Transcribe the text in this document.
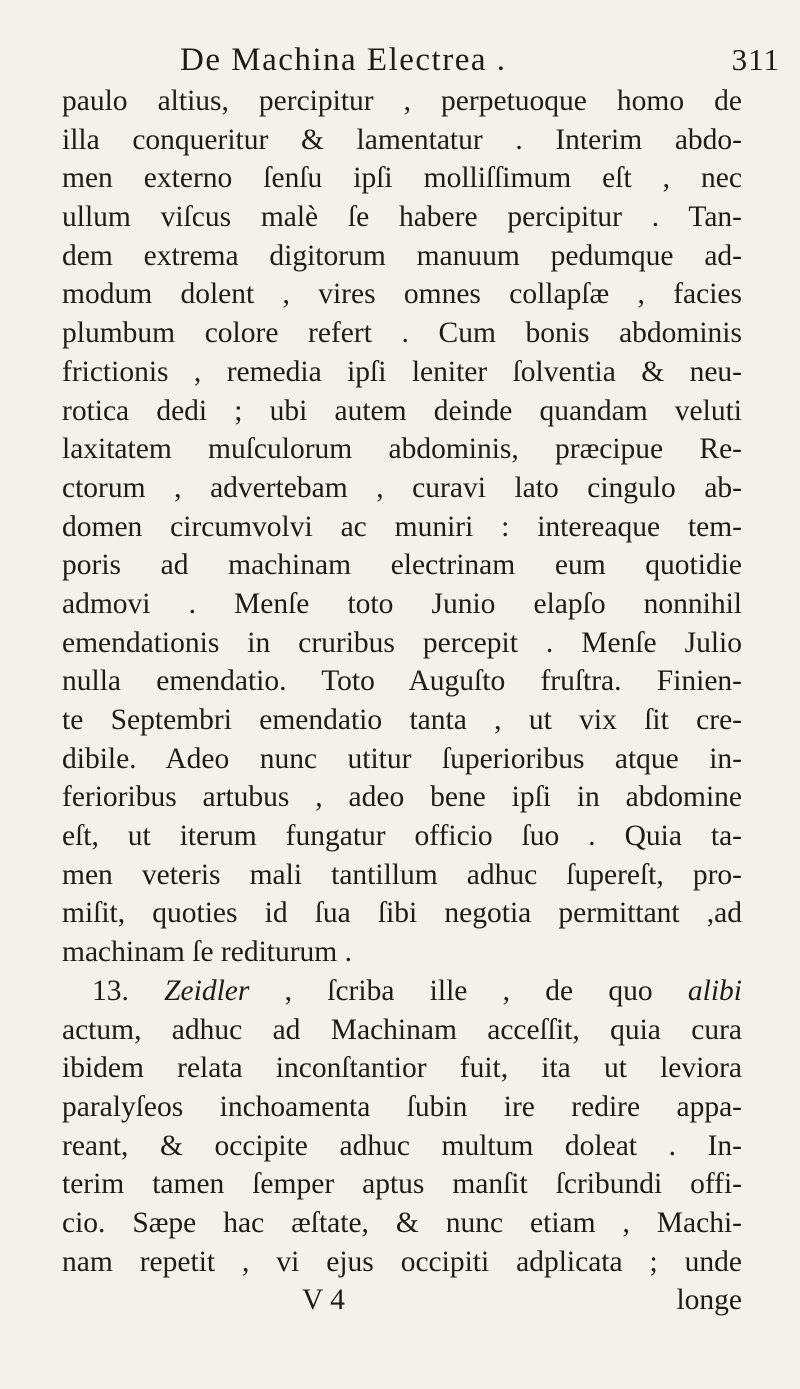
De Machina Electrea .	311
paulo altius, percipitur , perpetuoque homo de
illa conqueritur & lamentatur . Interim abdo-
men externo ſenſu ipſi molliſſimum eſt , nec
ullum viſcus malè ſe habere percipitur . Tan-
dem extrema digitorum manuum pedumque ad-
modum dolent , vires omnes collapſæ , facies
plumbum colore refert . Cum bonis abdominis
frictionis , remedia ipſi leniter ſolventia & neu-
rotica dedi ; ubi autem deinde quandam veluti
laxitatem muſculorum abdominis, præcipue Re-
ctorum , advertebam , curavi lato cingulo ab-
domen circumvolvi ac muniri : intereaque tem-
poris ad machinam electrinam eum quotidie
admovi . Menſe toto Junio elapſo nonnihil
emendationis in cruribus percepit . Menſe Julio
nulla emendatio. Toto Auguſto fruſtra. Finien-
te Septembri emendatio tanta , ut vix ſit cre-
dibile. Adeo nunc utitur ſuperioribus atque in-
ferioribus artubus , adeo bene ipſi in abdomine
eſt, ut iterum fungatur officio ſuo . Quia ta-
men veteris mali tantillum adhuc ſupereſt, pro-
miſit, quoties id ſua ſibi negotia permittant ,ad
machinam ſe rediturum .
13. Zeidler , ſcriba ille , de quo alibi
actum, adhuc ad Machinam acceſſit, quia cura
ibidem relata inconſtantior fuit, ita ut leviora
paralyſeos inchoamenta ſubin ire redire appa-
reant, & occipite adhuc multum doleat . In-
terim tamen ſemper aptus manſit ſcribundi offi-
cio. Sæpe hac æſtate, & nunc etiam , Machi-
nam repetit , vi ejus occipiti adplicata ; unde
V 4	longe
